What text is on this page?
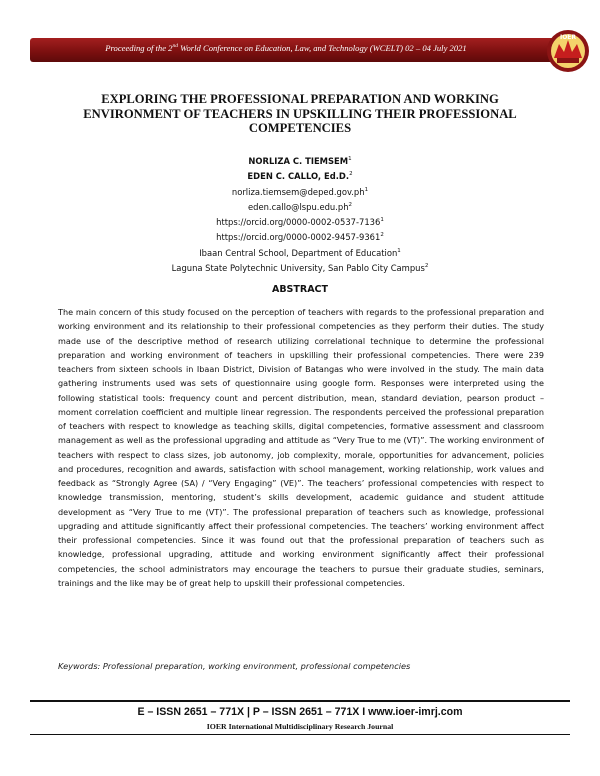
Proceeding of the 2nd World Conference on Education, Law, and Technology (WCELT) 02 – 04 July 2021
IOER
EXPLORING THE PROFESSIONAL PREPARATION AND WORKING ENVIRONMENT OF TEACHERS IN UPSKILLING THEIR PROFESSIONAL COMPETENCIES
NORLIZA C. TIEMSEM$^1$
EDEN C. CALLO, Ed.D.$^2$
$norliza.tiemsem@deped.gov.ph^1$
$eden.callo@lspu.edu.ph^2$
https://orcid.org/0000-0002-0537-7136$^1$
https://orcid.org/0000-0002-9457-9361$^2$
Ibaan Central School, Department of Education$^1$
Laguna State Polytechnic University, San Pablo City Campus$^2$
ABSTRACT
The main concern of this study focused on the perception of teachers with regards to the professional preparation and working environment and its relationship to their professional competencies as they perform their duties. The study made use of the descriptive method of research utilizing correlational technique to determine the professional preparation and working environment of teachers in upskilling their professional competencies. There were 239 teachers from sixteen schools in Ibaan District, Division of Batangas who were involved in the study. The main data gathering instruments used was sets of questionnaire using google form. Responses were interpreted using the following statistical tools: frequency count and percent distribution, mean, standard deviation, pearson product – moment correlation coefficient and multiple linear regression. The respondents perceived the professional preparation of teachers with respect to knowledge as teaching skills, digital competencies, formative assessment and classroom management as well as the professional upgrading and attitude as “Very True to me (VT)”. The working environment of teachers with respect to class sizes, job autonomy, job complexity, morale, opportunities for advancement, policies and procedures, recognition and awards, satisfaction with school management, working relationship, work values and feedback as “Strongly Agree (SA) / “Very Engaging” (VE)”. The teachers’ professional competencies with respect to knowledge transmission, mentoring, student’s skills development, academic guidance and student attitude development as “Very True to me (VT)”. The professional preparation of teachers such as knowledge, professional upgrading and attitude significantly affect their professional competencies. The teachers’ working environment affect their professional competencies. Since it was found out that the professional preparation of teachers such as knowledge, professional upgrading, attitude and working environment significantly affect their professional competencies, the school administrators may encourage the teachers to pursue their graduate studies, seminars, trainings and the like may be of great help to upskill their professional competencies.
Keywords: Professional preparation, working environment, professional competencies
E – ISSN 2651 – 771X | P – ISSN 2651 – 771X I www.ioer-imrj.com
IOER International Multidisciplinary Research Journal
